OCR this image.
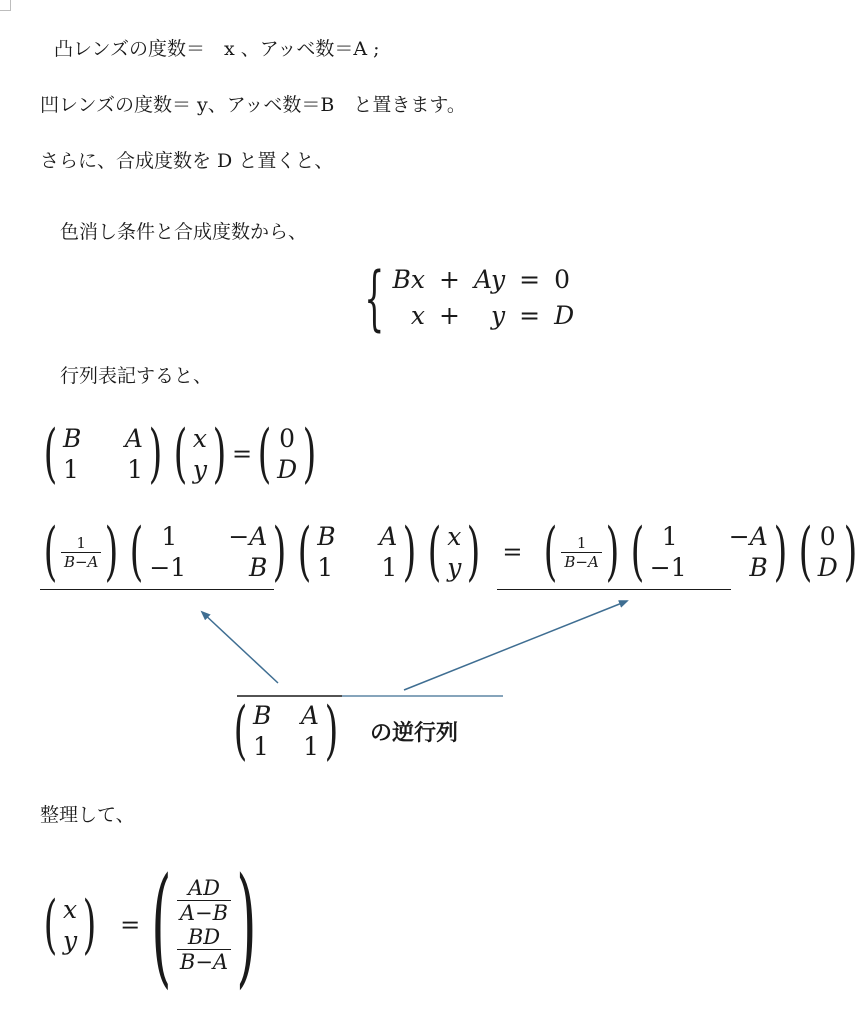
凸レンズの度数＝　x 、アッベ数＝A ;
凹レンズの度数＝ y、アッベ数＝B　と置きます。
さらに、合成度数を D と置くと、
色消し条件と合成度数から、
{ Bx + Ay = 0
x +	y = D
行列表記すると、
( B A
1 1 ) ( x
y ) = ( 0
D )
( $\frac{1}{B-A}$ ) ( 1 −A
−1	B ) ( B A
1 1 ) ( x
y ) = ( $\frac{1}{B-A}$ ) ( 1 −A
−1	B ) ( 0
D )
( B A
1 1 ) の逆行列
整理して、
( x
y ) = ( $\frac{AD}{A-B}$
$\frac{BD}{B-A}$ )
